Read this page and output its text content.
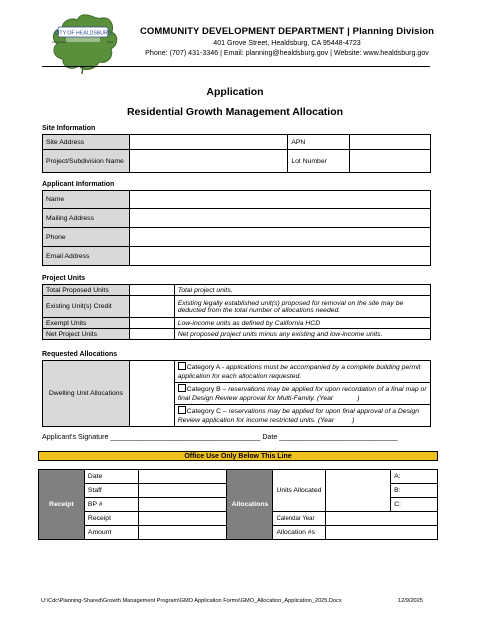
CITY OF HEALDSBURG
incorporated	1867
COMMUNITY DEVELOPMENT DEPARTMENT | Planning Division
401 Grove Street, Healdsburg, CA 95448-4723
Phone: (707) 431-3346 | Email: planning@healdsburg.gov | Website: www.healdsburg.gov
Application
Residential Growth Management Allocation
Site Information
Site Address		APN	
Project/Subdivision Name		Lot Number	
Applicant Information
Name	
Mailing Address	
Phone	
Email Address	
Project Units
Total Proposed Units		Total project units.
Existing Unit(s) Credit		Existing legally established unit(s) proposed for removal on the site may be deducted from the total number of allocations needed.
Exempt Units		Low-income units as defined by California HCD
Net Project Units		Net proposed project units minus any existing and low-income units.
Requested Allocations
Dwelling Unit Allocations		Category A - applications must be accompanied by a complete building permit application for each allocation requested.
Category B – reservations may be applied for upon recordation of a final map or final Design Review approval for Multi-Family. (Year	)
Category C – reservations may be applied for upon final approval of a Design Review application for income restricted units. (Year	)
Applicant's Signature ______________________________________ Date ______________________________
Office Use Only Below This Line
Receipt	Date		Allocations	Units Allocated		A:
	Staff					B:
	BP #					C:
	Receipt			Calendar Year		
	Amount			Allocation #s		
U:\Cdc\Planning-Shared\Growth Management Program\GMO Application Forms\GMO_Allocation_Application_2025.Docx	12/9/2025
